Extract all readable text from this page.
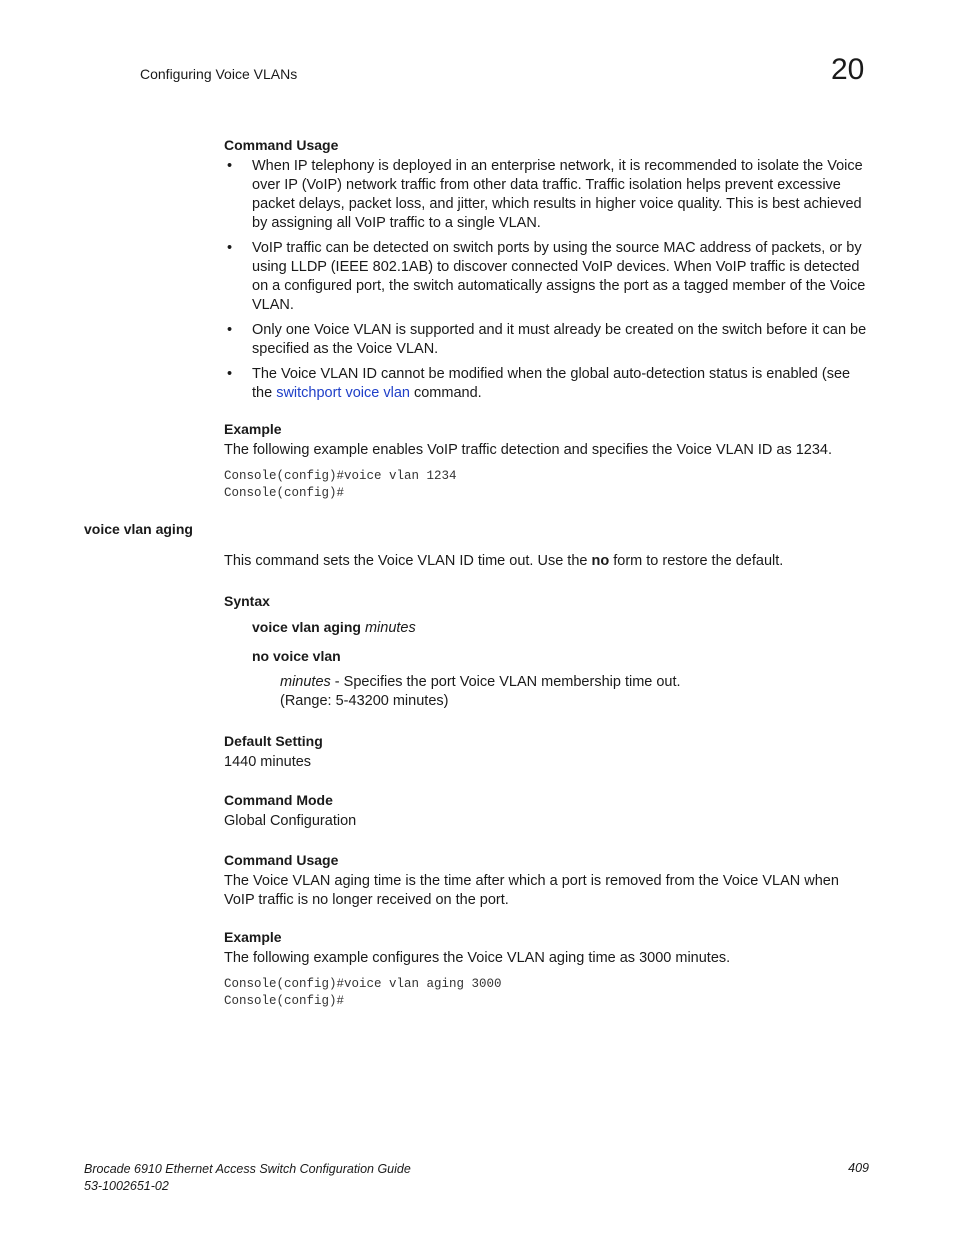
Configuring Voice VLANs	20
Command Usage
• When IP telephony is deployed in an enterprise network, it is recommended to isolate the Voice over IP (VoIP) network traffic from other data traffic. Traffic isolation helps prevent excessive packet delays, packet loss, and jitter, which results in higher voice quality. This is best achieved by assigning all VoIP traffic to a single VLAN.
• VoIP traffic can be detected on switch ports by using the source MAC address of packets, or by using LLDP (IEEE 802.1AB) to discover connected VoIP devices. When VoIP traffic is detected on a configured port, the switch automatically assigns the port as a tagged member of the Voice VLAN.
• Only one Voice VLAN is supported and it must already be created on the switch before it can be specified as the Voice VLAN.
• The Voice VLAN ID cannot be modified when the global auto-detection status is enabled (see the switchport voice vlan command.
Example
The following example enables VoIP traffic detection and specifies the Voice VLAN ID as 1234.
Console(config)#voice vlan 1234
Console(config)#
voice vlan aging
This command sets the Voice VLAN ID time out. Use the no form to restore the default.
Syntax
voice vlan aging minutes
no voice vlan
minutes - Specifies the port Voice VLAN membership time out.
(Range: 5-43200 minutes)
Default Setting
1440 minutes
Command Mode
Global Configuration
Command Usage
The Voice VLAN aging time is the time after which a port is removed from the Voice VLAN when VoIP traffic is no longer received on the port.
Example
The following example configures the Voice VLAN aging time as 3000 minutes.
Console(config)#voice vlan aging 3000
Console(config)#
Brocade 6910 Ethernet Access Switch Configuration Guide
53-1002651-02
409
